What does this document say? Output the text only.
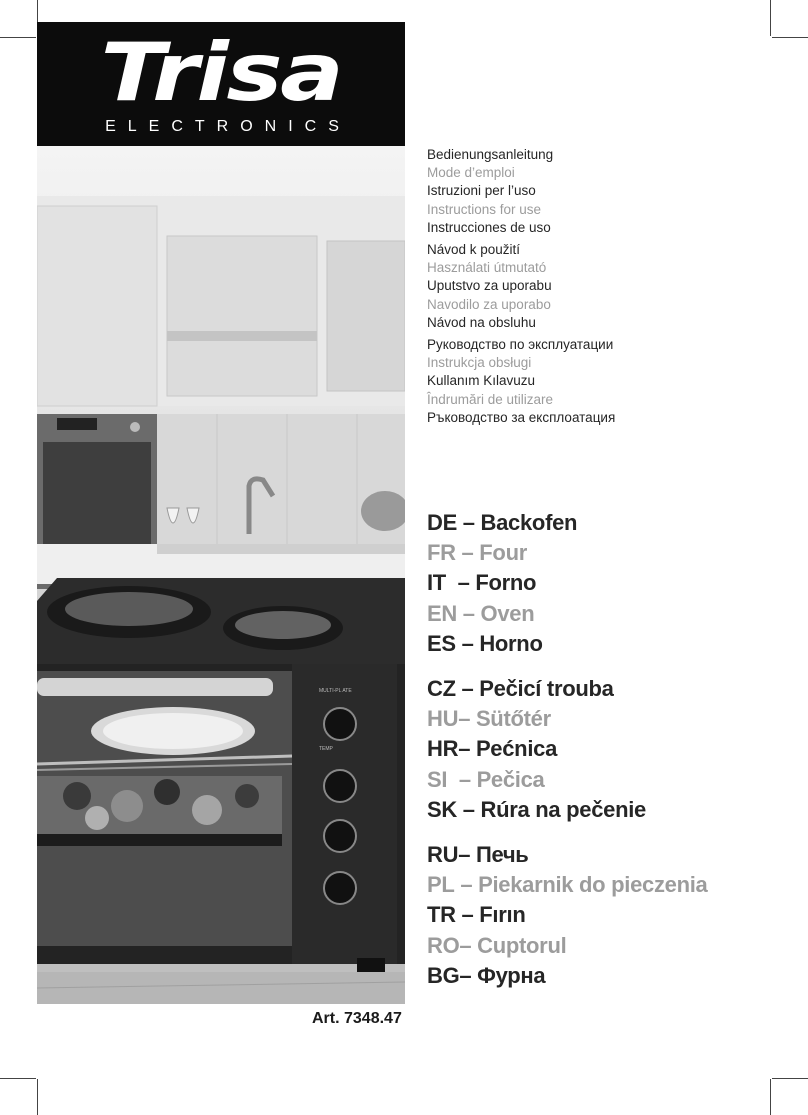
Trisa	R
ELECTRONICS
MULTI-PL ATE
TEMP
Bedienungsanleitung
Mode d’emploi
Istruzioni per l’uso
Instructions for use
Instrucciones de uso
Návod k použití
Használati útmutató
Uputstvo za uporabu
Navodilo za uporabo
Návod na obsluhu
Руководство по эксплуатации
Instrukcja obsługi
Kullanım Kılavuzu
Îndrumări de utilizare
Ръководство за експлоатация
DE – Backofen
FR – Four
IT – Forno
EN – Oven
ES – Horno
CZ – Pečicí trouba
HU– Sütőtér
HR– Pećnica
SI – Pečica
SK – Rúra na pečenie
RU– Печь
PL – Piekarnik do pieczenia
TR – Fırın
RO– Cuptorul
BG– Фурна
Art. 7348.47
